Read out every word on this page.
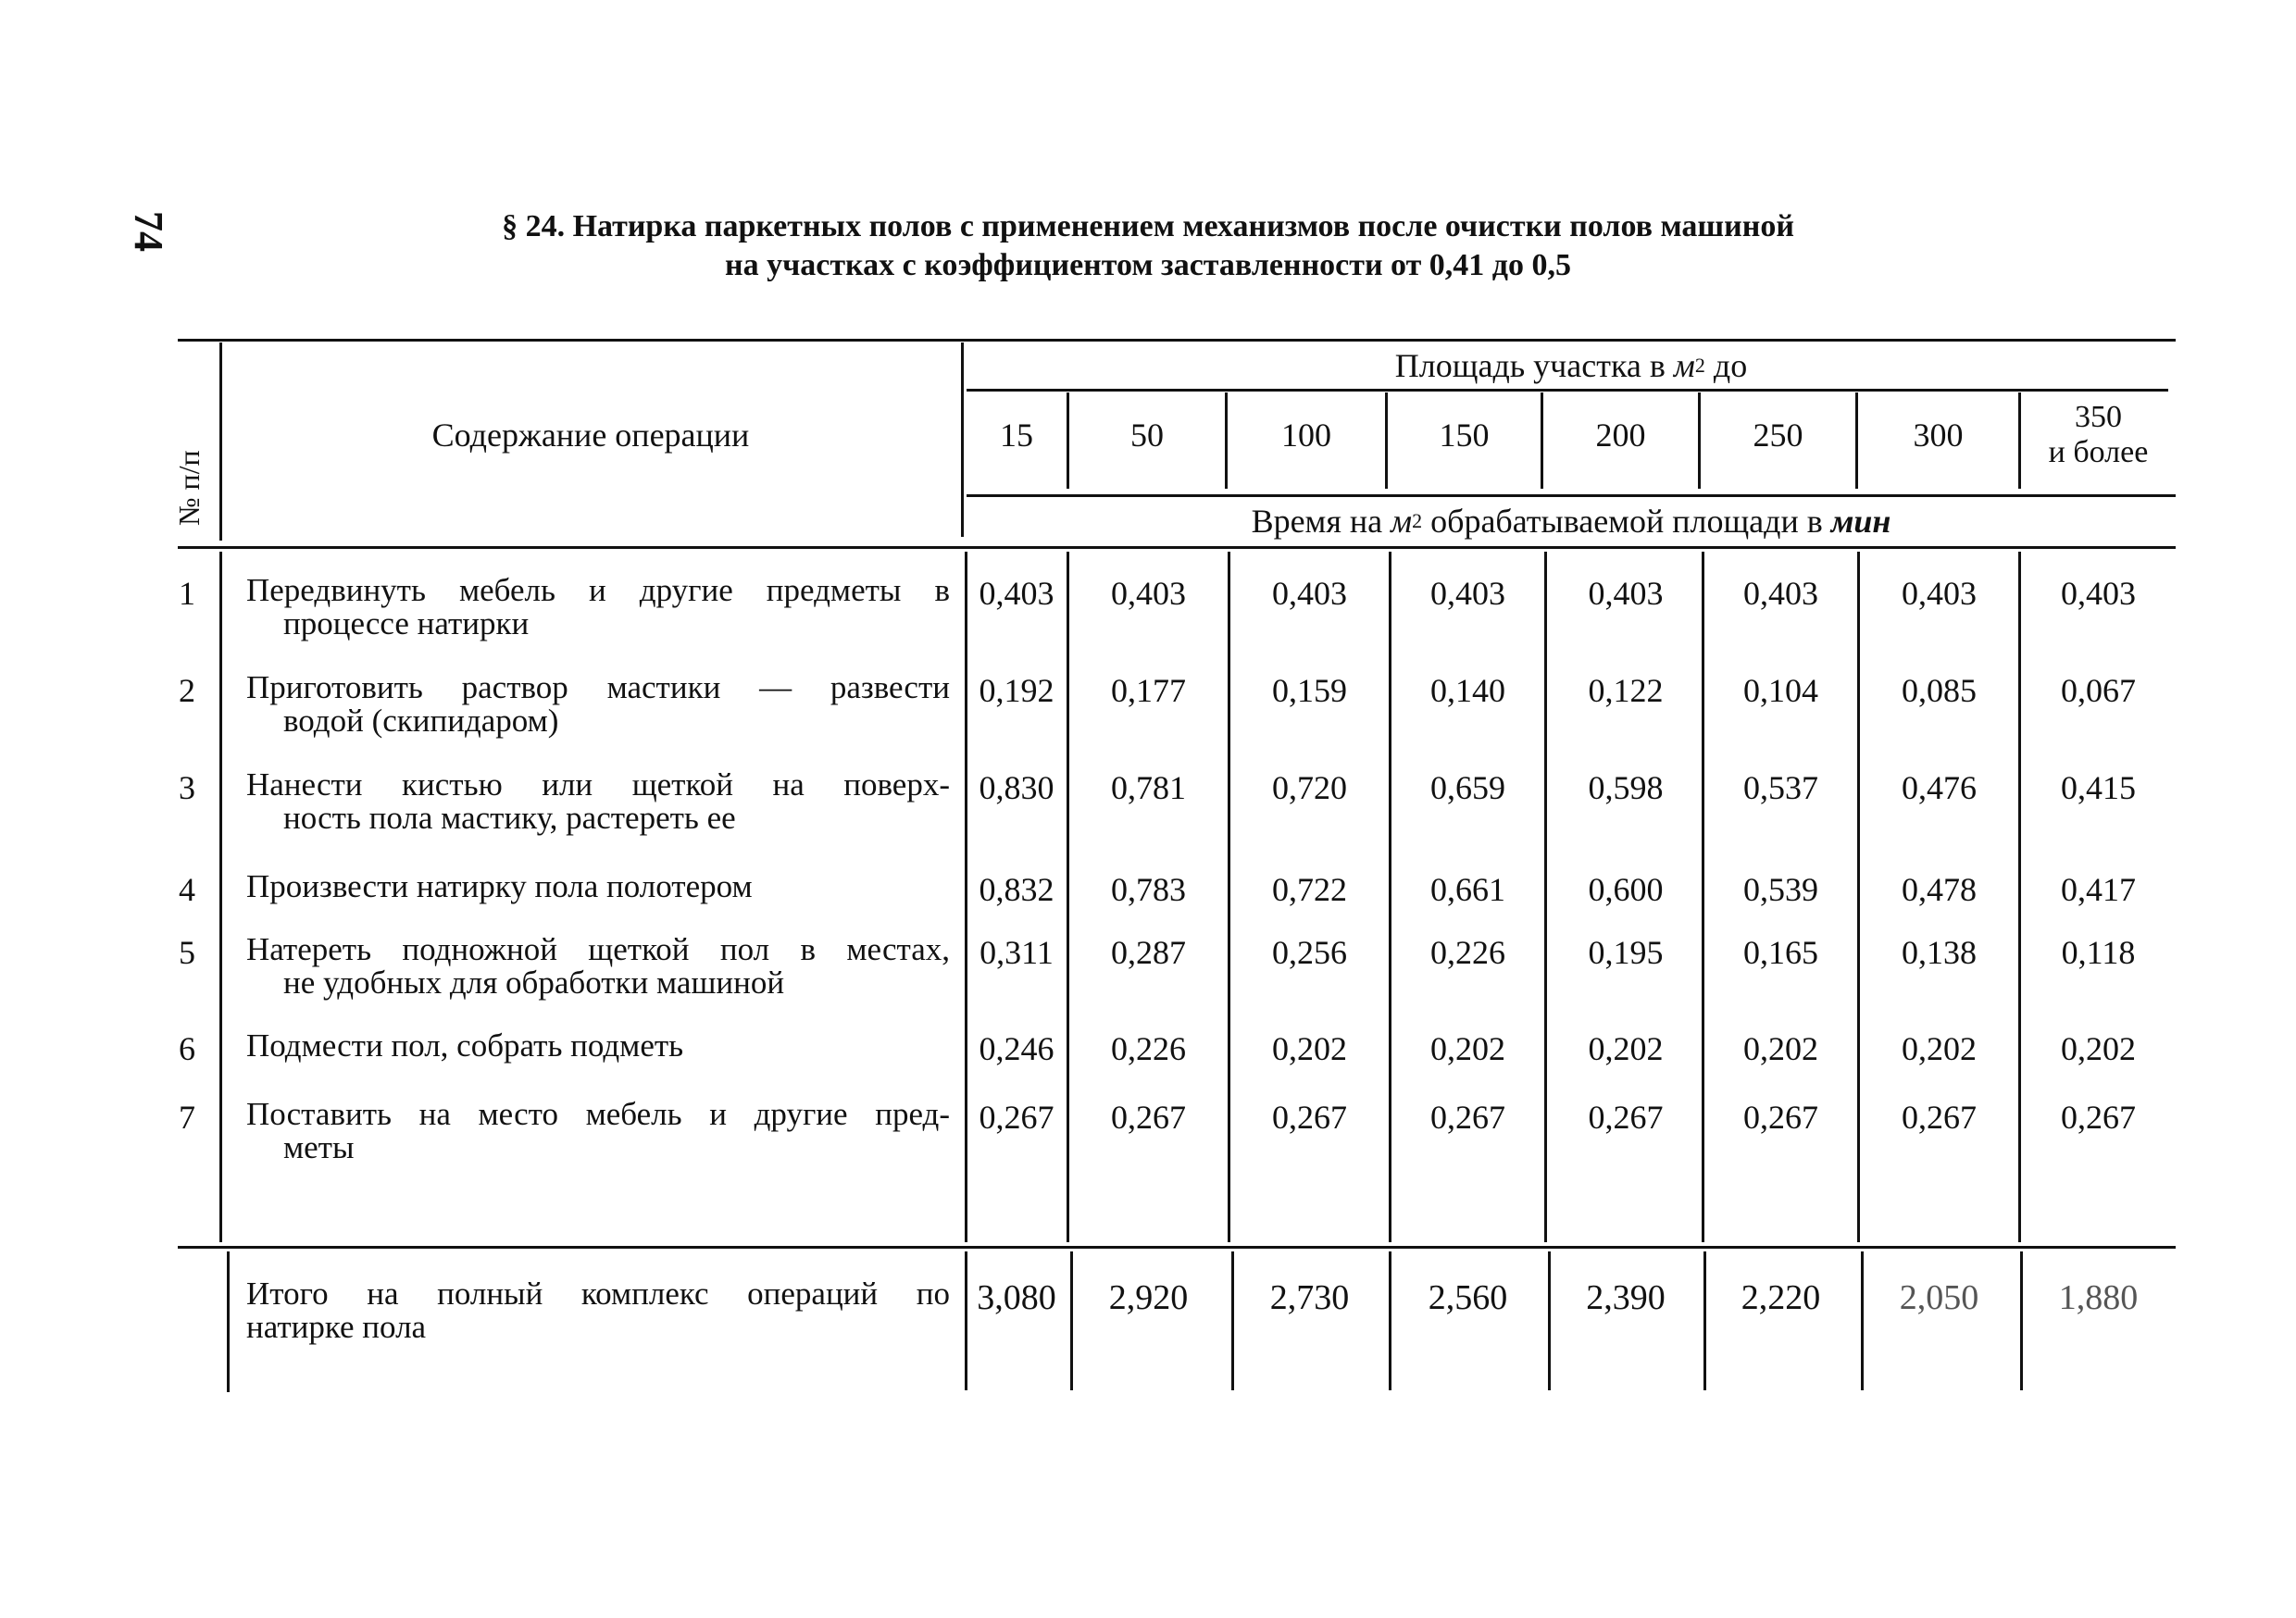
74	§ 24. Натирка паркетных полов с применением механизмов после очистки полов машиной
на участках с коэффициентом заставленности от 0,41 до 0,5
№ п/п
Содержание операции
Площадь участка в м 2 до
15	50	100	150	200	250	300	350
и более
Время на м 2 обрабатываемой площади в мин
1	Передвинуть мебель и другие предметы в
процессе натирки
0,403	0,403	0,403	0,403	0,403	0,403	0,403	0,403
2	Приготовить раствор мастики — развести
водой (скипидаром)
0,192	0,177	0,159	0,140	0,122	0,104	0,085	0,067
3	Нанести кистью или щеткой на поверх-
ность пола мастику, растереть ее
0,830	0,781	0,720	0,659	0,598	0,537	0,476	0,415
4	Произвести натирку пола полотером	0,832	0,783	0,722	0,661	0,600	0,539	0,478	0,417
5	Натереть подножной щеткой пол в местах,
не удобных для обработки машиной
0,311	0,287	0,256	0,226	0,195	0,165	0,138	0,118
6	Подмести пол, собрать подметь	0,246	0,226	0,202	0,202	0,202	0,202	0,202	0,202
7	Поставить на место мебель и другие пред-
меты
0,267	0,267	0,267	0,267	0,267	0,267	0,267	0,267
Итого на полный комплекс операций по
натирке пола
3,080	2,920	2,730	2,560	2,390	2,220	2,050	1,880
